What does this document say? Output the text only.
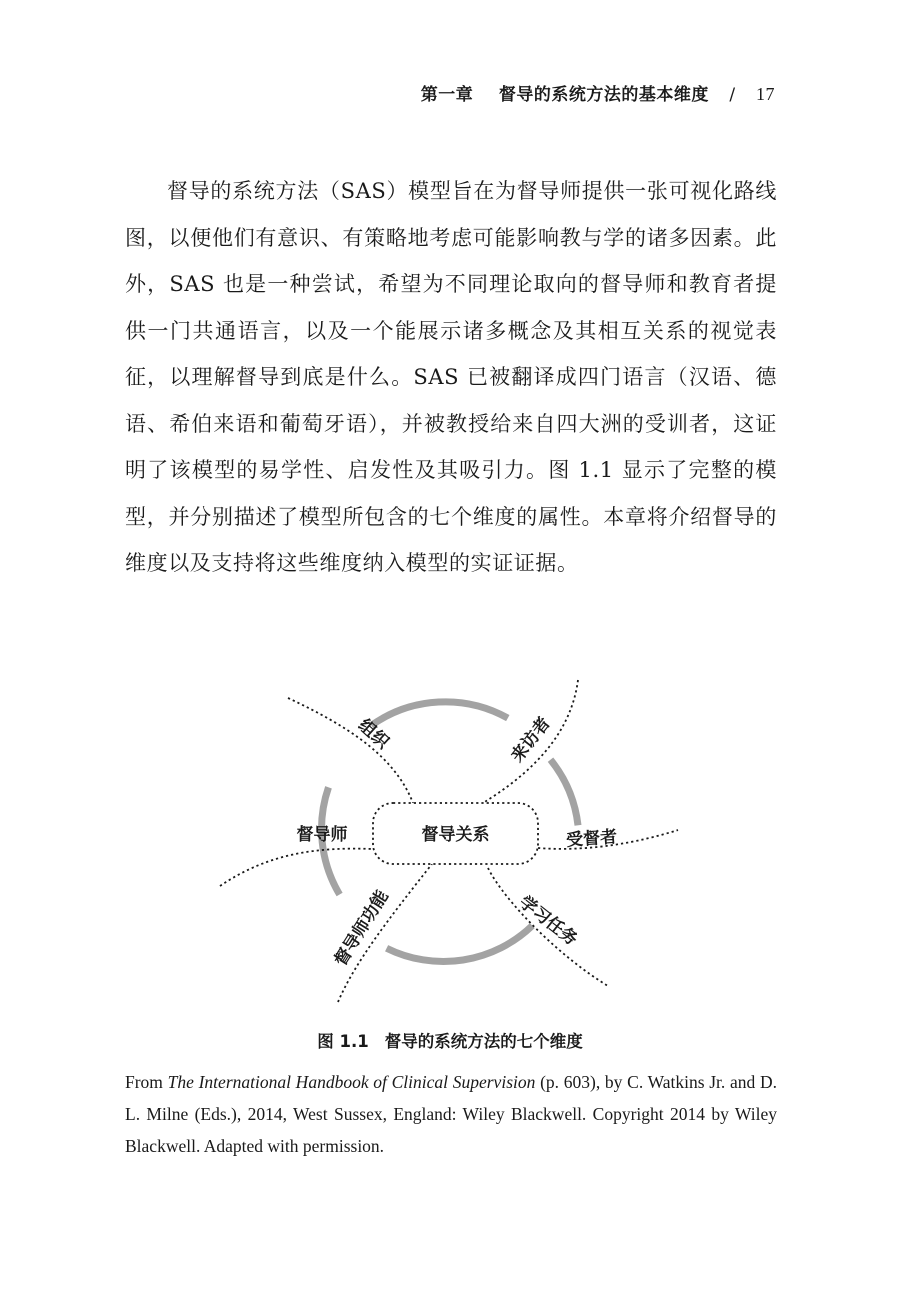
第一章 督导的系统方法的基本维度 / 17

督导的系统方法（SAS）模型旨在为督导师提供一张可视化路线图，以便他们有意识、有策略地考虑可能影响教与学的诸多因素。此外，SAS 也是一种尝试，希望为不同理论取向的督导师和教育者提供一门共通语言，以及一个能展示诸多概念及其相互关系的视觉表征，以理解督导到底是什么。SAS 已被翻译成四门语言（汉语、德语、希伯来语和葡萄牙语），并被教授给来自四大洲的受训者，这证明了该模型的易学性、启发性及其吸引力。图 1.1 显示了完整的模型，并分别描述了模型所包含的七个维度的属性。本章将介绍督导的维度以及支持将这些维度纳入模型的实证证据。

督导关系
组织	来访者
督导师	受督者
督导师功能	学习任务
图 1.1 督导的系统方法的七个维度

From The International Handbook of Clinical Supervision (p. 603), by C. Watkins Jr. and D. L. Milne (Eds.), 2014, West Sussex, England: Wiley Blackwell. Copyright 2014 by Wiley Blackwell. Adapted with permission.
